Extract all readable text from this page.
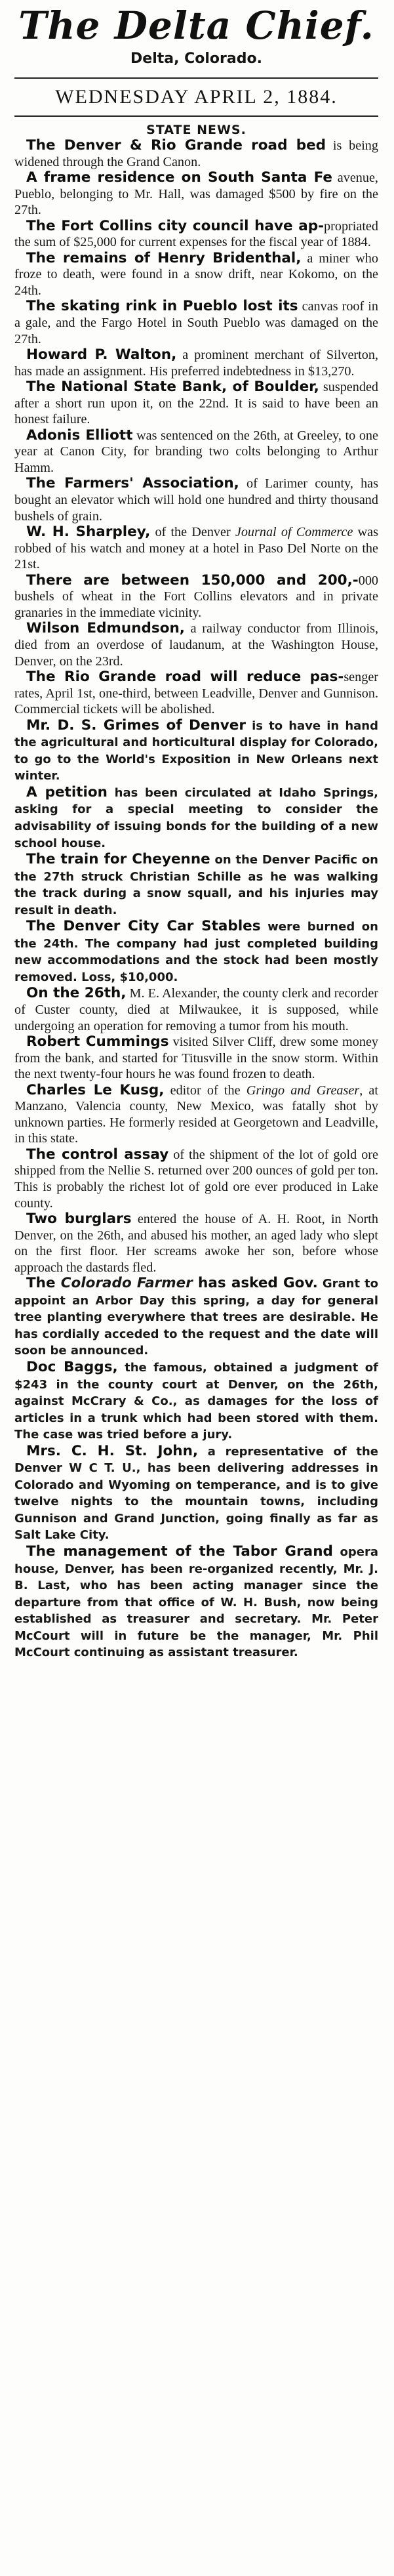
The Delta Chief.
Delta, Colorado.
WEDNESDAY APRIL 2, 1884.
STATE NEWS.

The Denver & Rio Grande road bed is being widened through the Grand Canon.

A frame residence on South Santa Fe avenue, Pueblo, belonging to Mr. Hall, was damaged $500 by fire on the 27th.

The Fort Collins city council have ap-propriated the sum of $25,000 for current expenses for the fiscal year of 1884.

The remains of Henry Bridenthal, a miner who froze to death, were found in a snow drift, near Kokomo, on the 24th.

The skating rink in Pueblo lost its canvas roof in a gale, and the Fargo Hotel in South Pueblo was damaged on the 27th.

Howard P. Walton, a prominent merchant of Silverton, has made an assignment. His preferred indebtedness in $13,270.

The National State Bank, of Boulder, suspended after a short run upon it, on the 22nd. It is said to have been an honest failure.

Adonis Elliott was sentenced on the 26th, at Greeley, to one year at Canon City, for branding two colts belonging to Arthur Hamm.

The Farmers' Association, of Larimer county, has bought an elevator which will hold one hundred and thirty thousand bushels of grain.

W. H. Sharpley, of the Denver Journal of Commerce was robbed of his watch and money at a hotel in Paso Del Norte on the 21st.

There are between 150,000 and 200,-000 bushels of wheat in the Fort Collins elevators and in private granaries in the immediate vicinity.

Wilson Edmundson, a railway conductor from Illinois, died from an overdose of laudanum, at the Washington House, Denver, on the 23rd.

The Rio Grande road will reduce pas-senger rates, April 1st, one-third, between Leadville, Denver and Gunnison. Commercial tickets will be abolished.

Mr. D. S. Grimes of Denver is to have in hand the agricultural and horticultural display for Colorado, to go to the World's Exposition in New Orleans next winter.

A petition has been circulated at Idaho Springs, asking for a special meeting to consider the advisability of issuing bonds for the building of a new school house.

The train for Cheyenne on the Denver Pacific on the 27th struck Christian Schille as he was walking the track during a snow squall, and his injuries may result in death.

The Denver City Car Stables were burned on the 24th. The company had just completed building new accommodations and the stock had been mostly removed. Loss, $10,000.

On the 26th, M. E. Alexander, the county clerk and recorder of Custer county, died at Milwaukee, it is supposed, while undergoing an operation for removing a tumor from his mouth.

Robert Cummings visited Silver Cliff, drew some money from the bank, and started for Titusville in the snow storm. Within the next twenty-four hours he was found frozen to death.

Charles Le Kusg, editor of the Gringo and Greaser, at Manzano, Valencia county, New Mexico, was fatally shot by unknown parties. He formerly resided at Georgetown and Leadville, in this state.

The control assay of the shipment of the lot of gold ore shipped from the Nellie S. returned over 200 ounces of gold per ton. This is probably the richest lot of gold ore ever produced in Lake county.

Two burglars entered the house of A. H. Root, in North Denver, on the 26th, and abused his mother, an aged lady who slept on the first floor. Her screams awoke her son, before whose approach the dastards fled.

The Colorado Farmer has asked Gov. Grant to appoint an Arbor Day this spring, a day for general tree planting everywhere that trees are desirable. He has cordially acceded to the request and the date will soon be announced.

Doc Baggs, the famous, obtained a judgment of $243 in the county court at Denver, on the 26th, against McCrary & Co., as damages for the loss of articles in a trunk which had been stored with them. The case was tried before a jury.

Mrs. C. H. St. John, a representative of the Denver W C T. U., has been delivering addresses in Colorado and Wyoming on temperance, and is to give twelve nights to the mountain towns, including Gunnison and Grand Junction, going finally as far as Salt Lake City.

The management of the Tabor Grand opera house, Denver, has been re-organized recently, Mr. J. B. Last, who has been acting manager since the departure from that office of W. H. Bush, now being established as treasurer and secretary. Mr. Peter McCourt will in future be the manager, Mr. Phil McCourt continuing as assistant treasurer.
